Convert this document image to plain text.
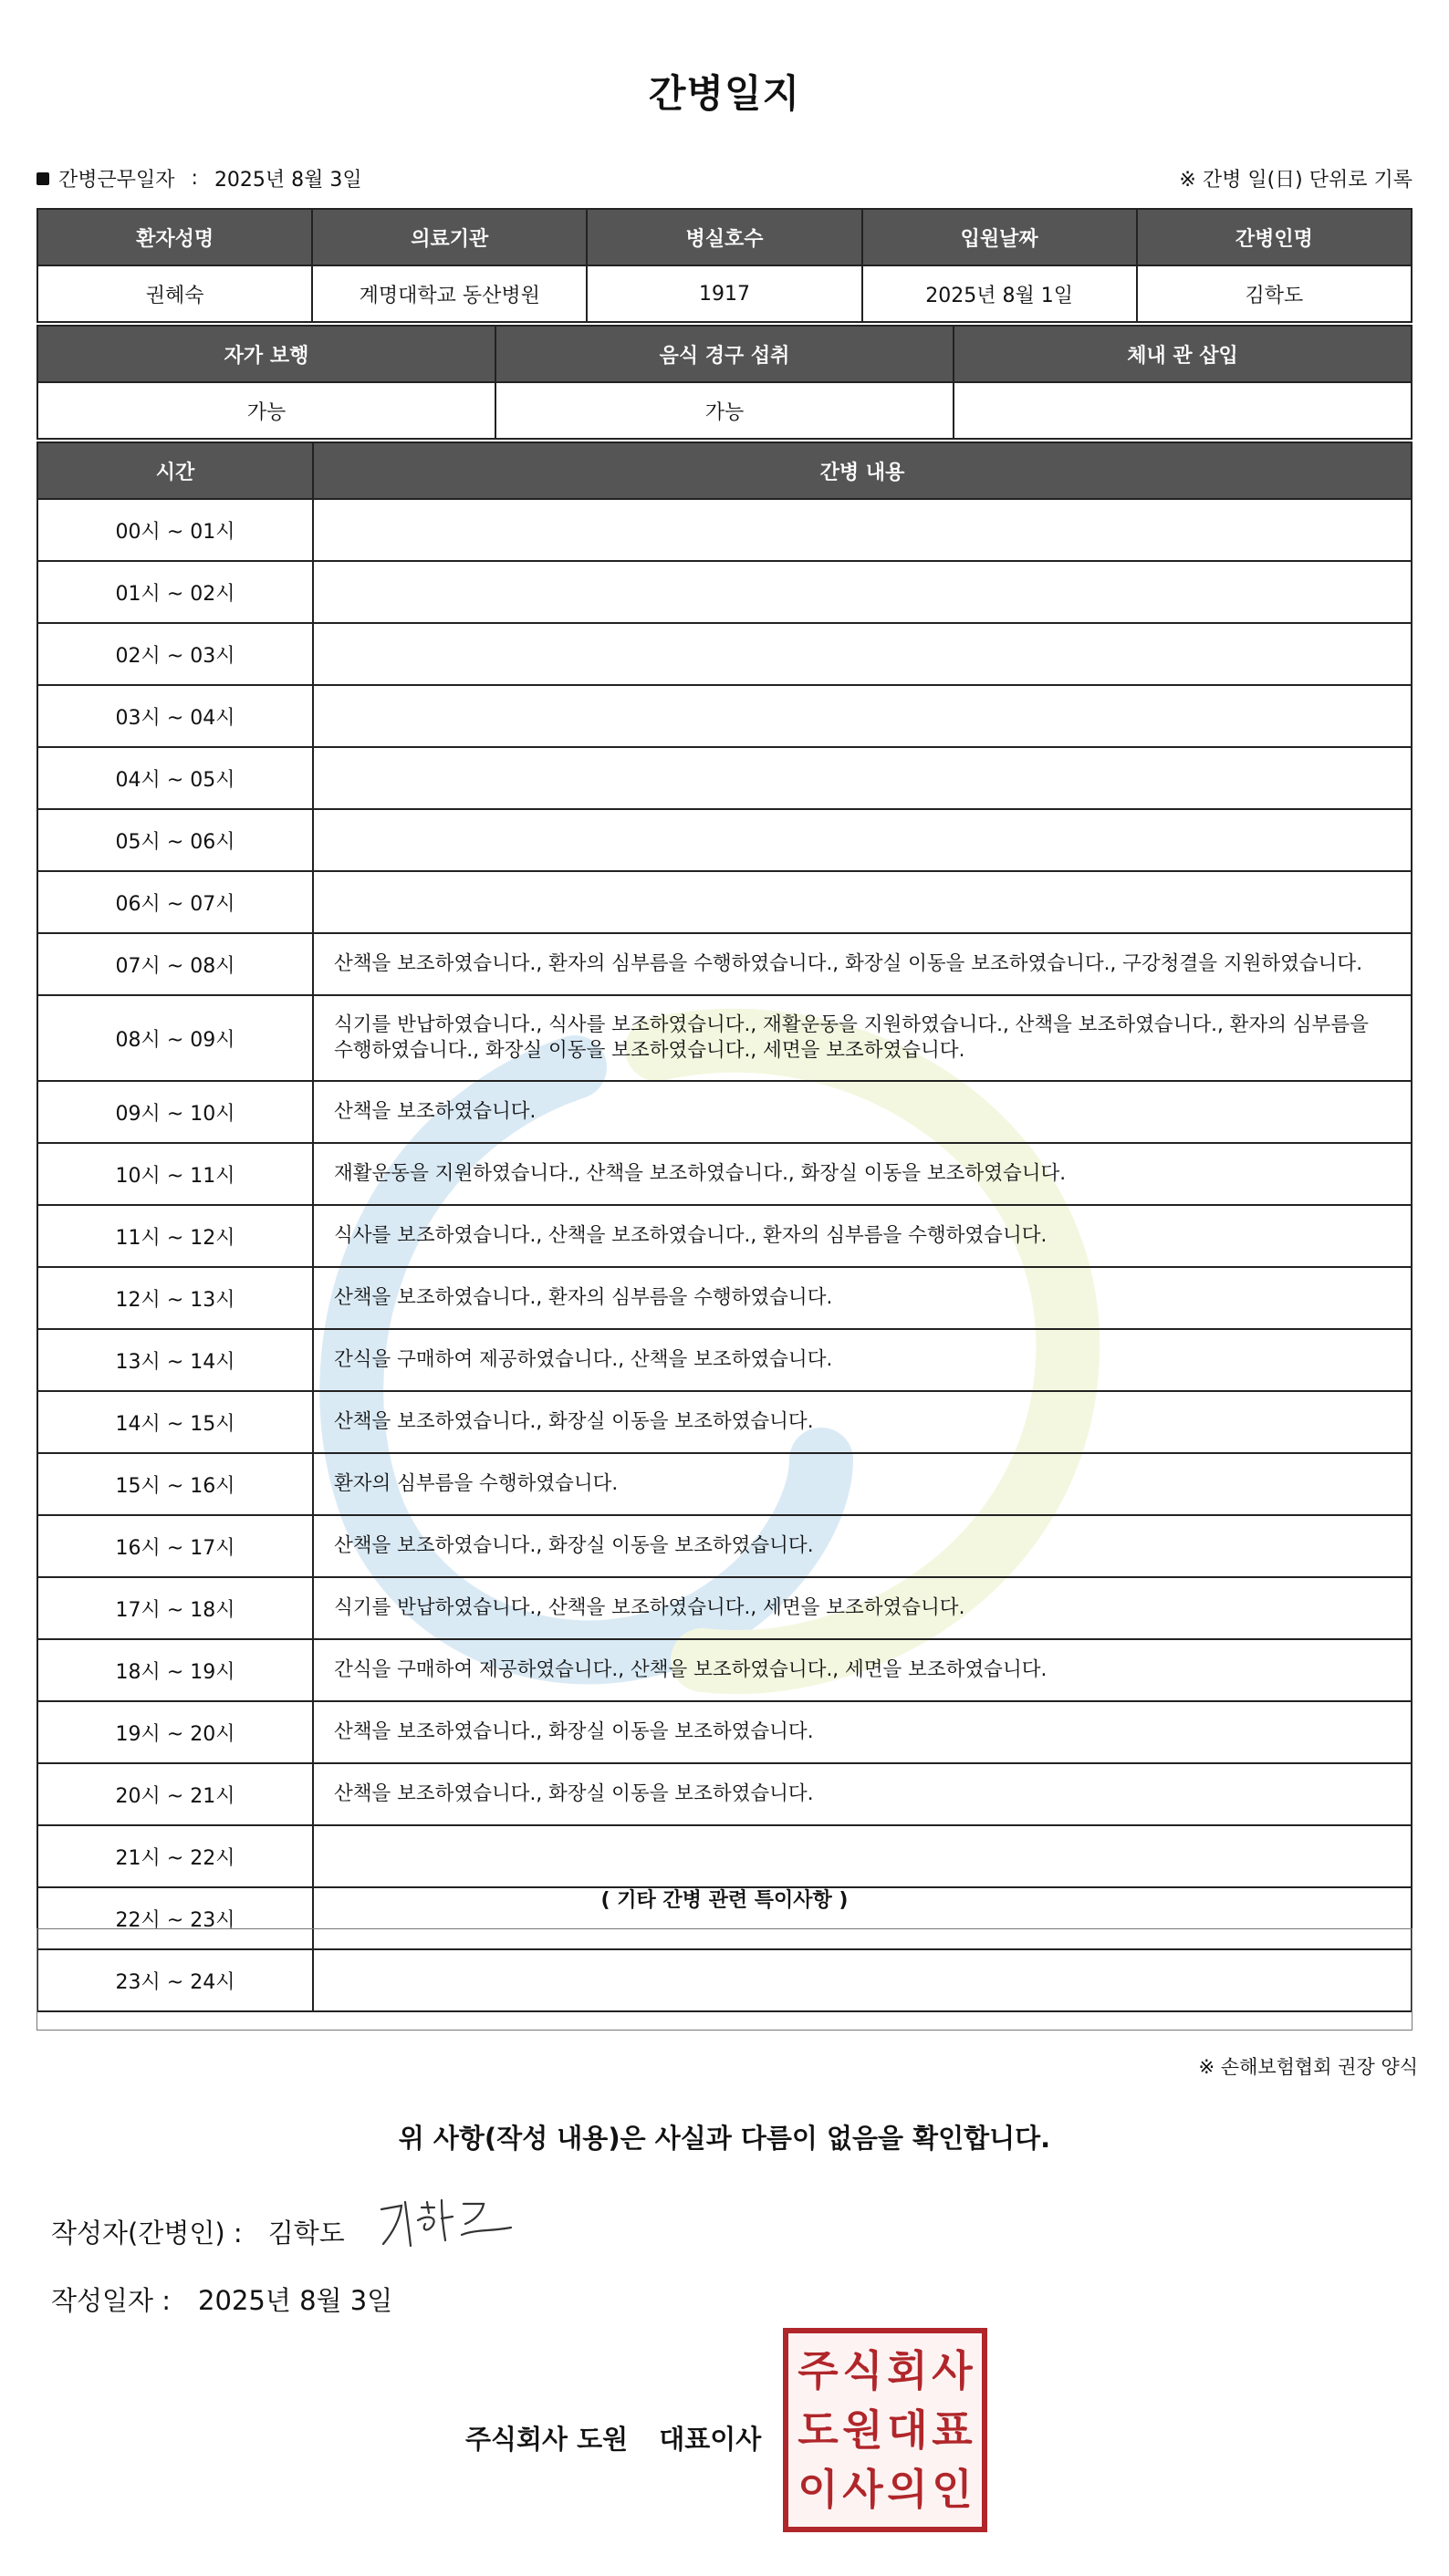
간병일지
간병근무일자 : 2025년 8월 3일	※ 간병 일(日) 단위로 기록
환자성명	의료기관	병실호수	입원날짜	간병인명
권혜숙	계명대학교 동산병원	1917	2025년 8월 1일	김학도
자가 보행	음식 경구 섭취	체내 관 삽입
가능	가능	
시간	간병 내용
00시 ~ 01시	
01시 ~ 02시	
02시 ~ 03시	
03시 ~ 04시	
04시 ~ 05시	
05시 ~ 06시	
06시 ~ 07시	
07시 ~ 08시	산책을 보조하였습니다., 환자의 심부름을 수행하였습니다., 화장실 이동을 보조하였습니다., 구강청결을 지원하였습니다.
08시 ~ 09시	식기를 반납하였습니다., 식사를 보조하였습니다., 재활운동을 지원하였습니다., 산책을 보조하였습니다., 환자의 심부름을 수행하였습니다., 화장실 이동을 보조하였습니다., 세면을 보조하였습니다.
09시 ~ 10시	산책을 보조하였습니다.
10시 ~ 11시	재활운동을 지원하였습니다., 산책을 보조하였습니다., 화장실 이동을 보조하였습니다.
11시 ~ 12시	식사를 보조하였습니다., 산책을 보조하였습니다., 환자의 심부름을 수행하였습니다.
12시 ~ 13시	산책을 보조하였습니다., 환자의 심부름을 수행하였습니다.
13시 ~ 14시	간식을 구매하여 제공하였습니다., 산책을 보조하였습니다.
14시 ~ 15시	산책을 보조하였습니다., 화장실 이동을 보조하였습니다.
15시 ~ 16시	환자의 심부름을 수행하였습니다.
16시 ~ 17시	산책을 보조하였습니다., 화장실 이동을 보조하였습니다.
17시 ~ 18시	식기를 반납하였습니다., 산책을 보조하였습니다., 세면을 보조하였습니다.
18시 ~ 19시	간식을 구매하여 제공하였습니다., 산책을 보조하였습니다., 세면을 보조하였습니다.
19시 ~ 20시	산책을 보조하였습니다., 화장실 이동을 보조하였습니다.
20시 ~ 21시	산책을 보조하였습니다., 화장실 이동을 보조하였습니다.
21시 ~ 22시	
22시 ~ 23시	
23시 ~ 24시	
( 기타 간병 관련 특이사항 )
※ 손해보험협회 권장 양식
위 사항(작성 내용)은 사실과 다름이 없음을 확인합니다.
작성자(간병인) : 김학도
작성일자 : 2025년 8월 3일
주식회사 도원 대표이사
주 식 회 사
도 원 대 표
이 사 의 인
